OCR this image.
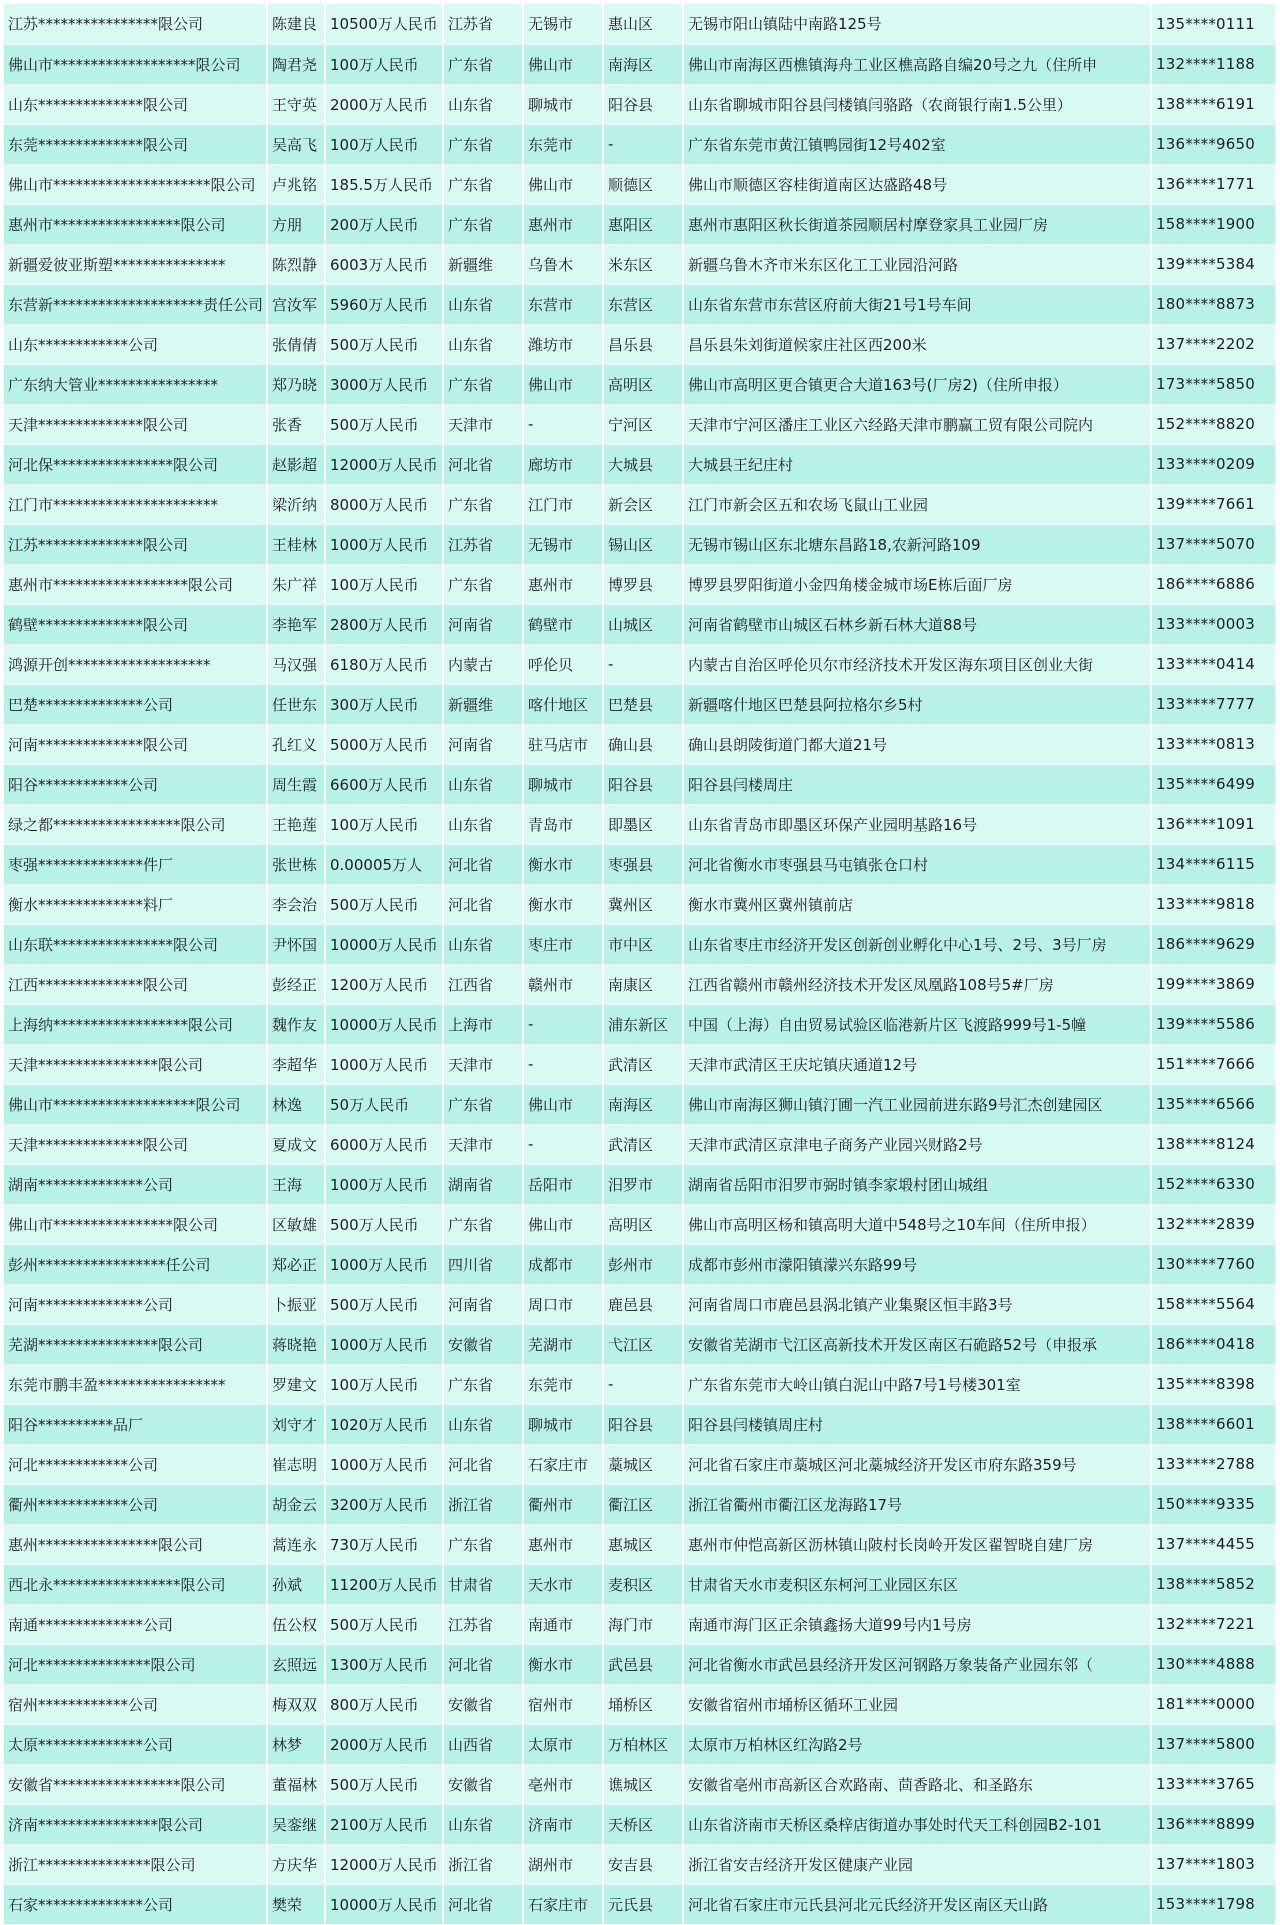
江苏****************限公司	陈建良	10500万人民币	江苏省	无锡市	惠山区	无锡市阳山镇陆中南路125号	135****0111
佛山市*******************限公司	陶君尧	100万人民币	广东省	佛山市	南海区	佛山市南海区西樵镇海舟工业区樵高路自编20号之九（住所申	132****1188
山东**************限公司	王守英	2000万人民币	山东省	聊城市	阳谷县	山东省聊城市阳谷县闫楼镇闫骆路（农商银行南1.5公里）	138****6191
东莞**************限公司	吴高飞	100万人民币	广东省	东莞市	-	广东省东莞市黄江镇鸭园街12号402室	136****9650
佛山市*********************限公司	卢兆铭	185.5万人民币	广东省	佛山市	顺德区	佛山市顺德区容桂街道南区达盛路48号	136****1771
惠州市*****************限公司	方朋	200万人民币	广东省	惠州市	惠阳区	惠州市惠阳区秋长街道茶园顺居村摩登家具工业园厂房	158****1900
新疆爱彼亚斯塑***************	陈烈静	6003万人民币	新疆维	乌鲁木	米东区	新疆乌鲁木齐市米东区化工工业园沿河路	139****5384
东营新********************责任公司	宫汝军	5960万人民币	山东省	东营市	东营区	山东省东营市东营区府前大街21号1号车间	180****8873
山东************公司	张倩倩	500万人民币	山东省	潍坊市	昌乐县	昌乐县朱刘街道候家庄社区西200米	137****2202
广东纳大管业****************	郑乃晓	3000万人民币	广东省	佛山市	高明区	佛山市高明区更合镇更合大道163号(厂房2)（住所申报）	173****5850
天津**************限公司	张香	500万人民币	天津市	-	宁河区	天津市宁河区潘庄工业区六经路天津市鹏赢工贸有限公司院内	152****8820
河北保****************限公司	赵影超	12000万人民币	河北省	廊坊市	大城县	大城县王纪庄村	133****0209
江门市**********************	梁沂纳	8000万人民币	广东省	江门市	新会区	江门市新会区五和农场飞鼠山工业园	139****7661
江苏**************限公司	王桂林	1000万人民币	江苏省	无锡市	锡山区	无锡市锡山区东北塘东昌路18,农新河路109	137****5070
惠州市******************限公司	朱广祥	100万人民币	广东省	惠州市	博罗县	博罗县罗阳街道小金四角楼金城市场E栋后面厂房	186****6886
鹤壁**************限公司	李艳军	2800万人民币	河南省	鹤壁市	山城区	河南省鹤壁市山城区石林乡新石林大道88号	133****0003
鸿源开创*******************	马汉强	6180万人民币	内蒙古	呼伦贝	-	内蒙古自治区呼伦贝尔市经济技术开发区海东项目区创业大街	133****0414
巴楚**************公司	任世东	300万人民币	新疆维	喀什地区	巴楚县	新疆喀什地区巴楚县阿拉格尔乡5村	133****7777
河南**************限公司	孔红义	5000万人民币	河南省	驻马店市	确山县	确山县朗陵街道门都大道21号	133****0813
阳谷************公司	周生霞	6600万人民币	山东省	聊城市	阳谷县	阳谷县闫楼周庄	135****6499
绿之都*****************限公司	王艳莲	100万人民币	山东省	青岛市	即墨区	山东省青岛市即墨区环保产业园明基路16号	136****1091
枣强**************件厂	张世栋	0.00005万人	河北省	衡水市	枣强县	河北省衡水市枣强县马屯镇张仓口村	134****6115
衡水**************料厂	李会治	500万人民币	河北省	衡水市	冀州区	衡水市冀州区冀州镇前店	133****9818
山东联****************限公司	尹怀国	10000万人民币	山东省	枣庄市	市中区	山东省枣庄市经济开发区创新创业孵化中心1号、2号、3号厂房	186****9629
江西**************限公司	彭经正	1200万人民币	江西省	赣州市	南康区	江西省赣州市赣州经济技术开发区凤凰路108号5#厂房	199****3869
上海纳******************限公司	魏作友	10000万人民币	上海市	-	浦东新区	中国（上海）自由贸易试验区临港新片区飞渡路999号1-5幢	139****5586
天津****************限公司	李超华	1000万人民币	天津市	-	武清区	天津市武清区王庆坨镇庆通道12号	151****7666
佛山市*******************限公司	林逸	50万人民币	广东省	佛山市	南海区	佛山市南海区狮山镇汀圃一汽工业园前进东路9号汇杰创建园区	135****6566
天津**************限公司	夏成文	6000万人民币	天津市	-	武清区	天津市武清区京津电子商务产业园兴财路2号	138****8124
湖南**************公司	王海	1000万人民币	湖南省	岳阳市	汨罗市	湖南省岳阳市汨罗市弼时镇李家塅村团山城组	152****6330
佛山市****************限公司	区敏雄	500万人民币	广东省	佛山市	高明区	佛山市高明区杨和镇高明大道中548号之10车间（住所申报）	132****2839
彭州*****************任公司	郑必正	1000万人民币	四川省	成都市	彭州市	成都市彭州市濛阳镇濛兴东路99号	130****7760
河南**************公司	卜振亚	500万人民币	河南省	周口市	鹿邑县	河南省周口市鹿邑县涡北镇产业集聚区恒丰路3号	158****5564
芜湖****************限公司	蒋晓艳	1000万人民币	安徽省	芜湖市	弋江区	安徽省芜湖市弋江区高新技术开发区南区石硊路52号（申报承	186****0418
东莞市鹏丰盈*****************	罗建文	100万人民币	广东省	东莞市	-	广东省东莞市大岭山镇白泥山中路7号1号楼301室	135****8398
阳谷**********品厂	刘守才	1020万人民币	山东省	聊城市	阳谷县	阳谷县闫楼镇周庄村	138****6601
河北************公司	崔志明	1000万人民币	河北省	石家庄市	藁城区	河北省石家庄市藁城区河北藁城经济开发区市府东路359号	133****2788
衢州************公司	胡金云	3200万人民币	浙江省	衢州市	衢江区	浙江省衢州市衢江区龙海路17号	150****9335
惠州****************限公司	蒿连永	730万人民币	广东省	惠州市	惠城区	惠州市仲恺高新区沥林镇山陂村长岗岭开发区翟智晓自建厂房	137****4455
西北永*****************限公司	孙斌	11200万人民币	甘肃省	天水市	麦积区	甘肃省天水市麦积区东柯河工业园区东区	138****5852
南通**************公司	伍公权	500万人民币	江苏省	南通市	海门市	南通市海门区正余镇鑫扬大道99号内1号房	132****7221
河北***************限公司	玄照远	1300万人民币	河北省	衡水市	武邑县	河北省衡水市武邑县经济开发区河钢路万象装备产业园东邻（	130****4888
宿州************公司	梅双双	800万人民币	安徽省	宿州市	埇桥区	安徽省宿州市埇桥区循环工业园	181****0000
太原**************公司	林梦	2000万人民币	山西省	太原市	万柏林区	太原市万柏林区红沟路2号	137****5800
安徽省*****************限公司	董福林	500万人民币	安徽省	亳州市	谯城区	安徽省亳州市高新区合欢路南、茴香路北、和圣路东	133****3765
济南****************限公司	吴銮继	2100万人民币	山东省	济南市	天桥区	山东省济南市天桥区桑梓店街道办事处时代天工科创园B2-101	136****8899
浙江***************限公司	方庆华	12000万人民币	浙江省	湖州市	安吉县	浙江省安吉经济开发区健康产业园	137****1803
石家**************公司	樊荣	10000万人民币	河北省	石家庄市	元氏县	河北省石家庄市元氏县河北元氏经济开发区南区天山路	153****1798
